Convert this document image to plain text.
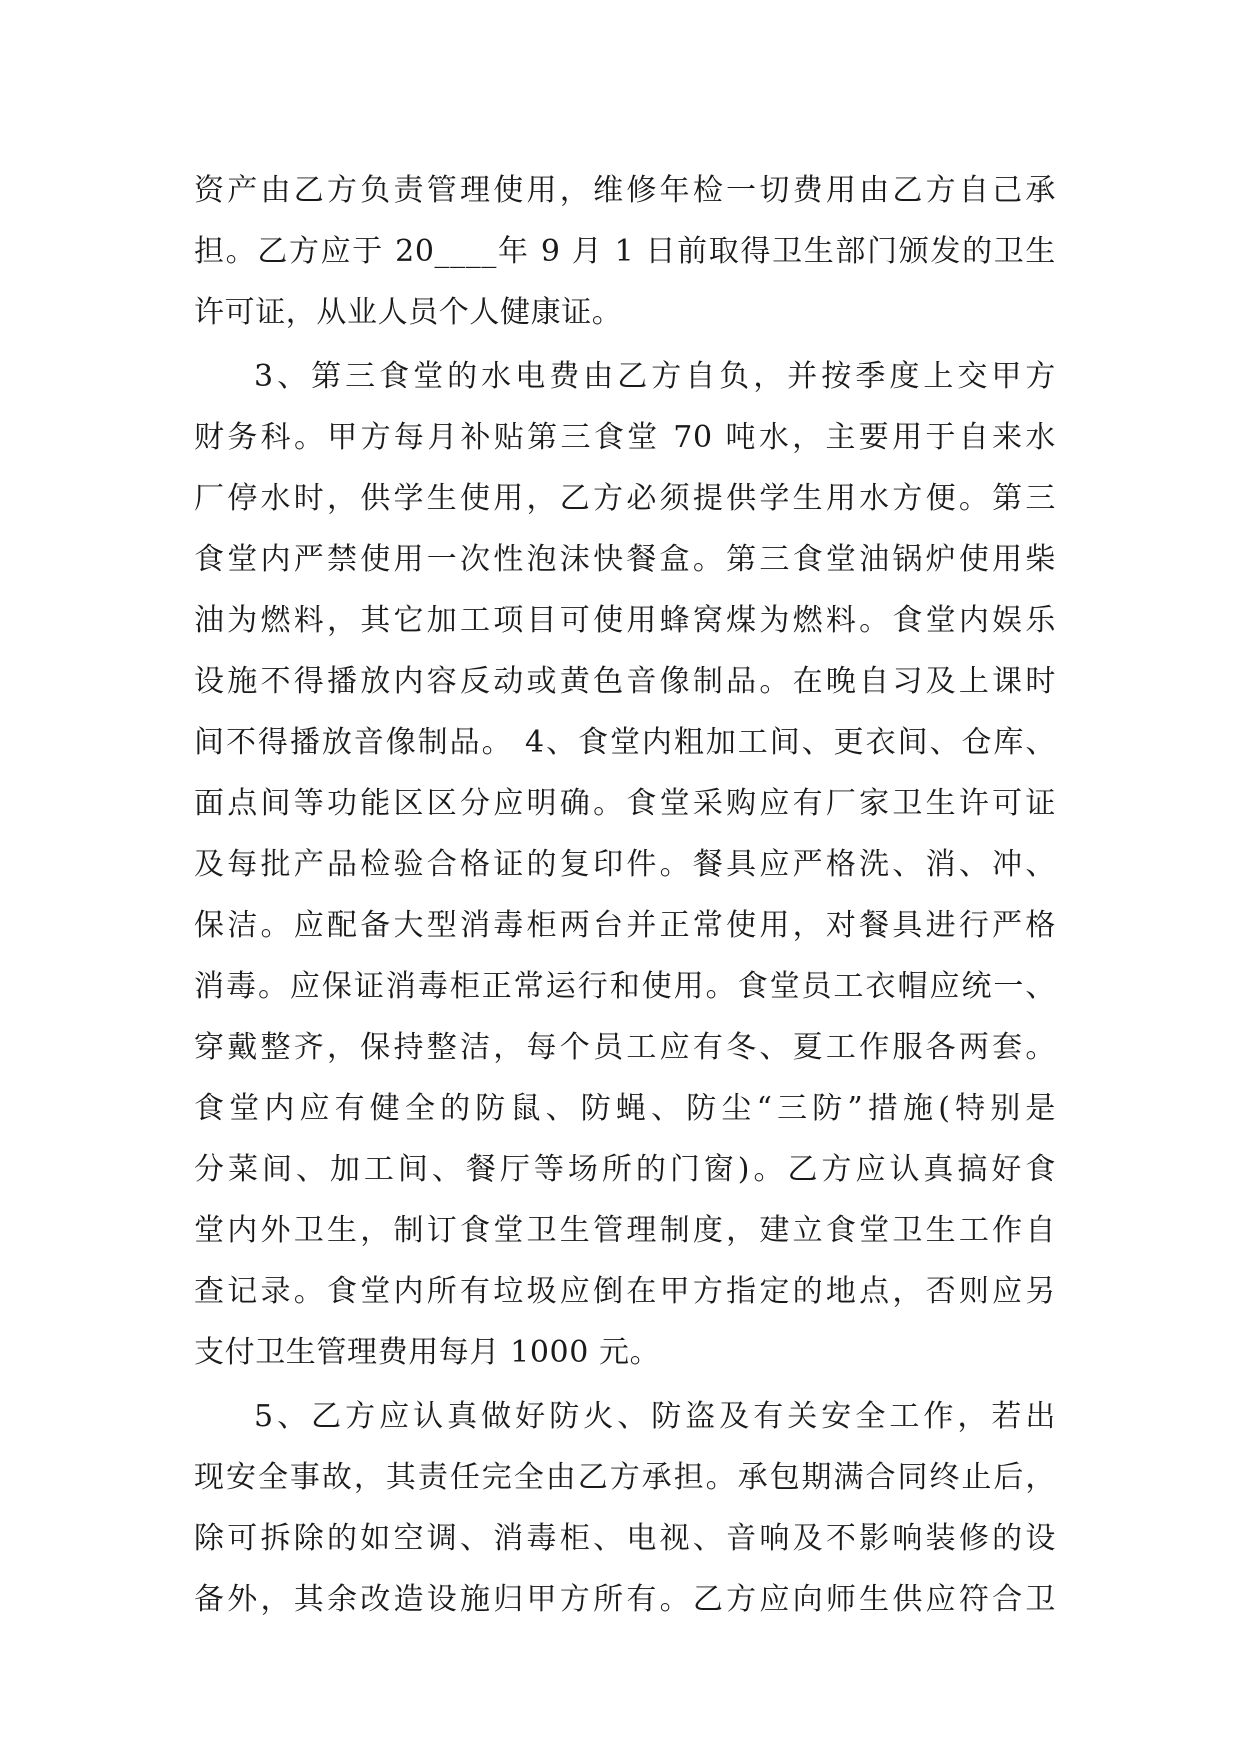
资产由乙方负责管理使用，维修年检一切费用由乙方自己承
担。乙方应于 20____年 9 月 1 日前取得卫生部门颁发的卫生
许可证，从业人员个人健康证。
3、第三食堂的水电费由乙方自负，并按季度上交甲方
财务科。甲方每月补贴第三食堂 70 吨水，主要用于自来水
厂停水时，供学生使用，乙方必须提供学生用水方便。第三
食堂内严禁使用一次性泡沫快餐盒。第三食堂油锅炉使用柴
油为燃料，其它加工项目可使用蜂窝煤为燃料。食堂内娱乐
设施不得播放内容反动或黄色音像制品。在晚自习及上课时
间不得播放音像制品。 4、食堂内粗加工间、更衣间、仓库、
面点间等功能区区分应明确。食堂采购应有厂家卫生许可证
及每批产品检验合格证的复印件。餐具应严格洗、消、冲、
保洁。应配备大型消毒柜两台并正常使用，对餐具进行严格
消毒。应保证消毒柜正常运行和使用。食堂员工衣帽应统一、
穿戴整齐，保持整洁，每个员工应有冬、夏工作服各两套。
食堂内应有健全的防鼠、防蝇、防尘“三防”措施(特别是
分菜间、加工间、餐厅等场所的门窗)。乙方应认真搞好食
堂内外卫生，制订食堂卫生管理制度，建立食堂卫生工作自
查记录。食堂内所有垃圾应倒在甲方指定的地点，否则应另
支付卫生管理费用每月 1000 元。
5、乙方应认真做好防火、防盗及有关安全工作，若出
现安全事故，其责任完全由乙方承担。承包期满合同终止后，
除可拆除的如空调、消毒柜、电视、音响及不影响装修的设
备外，其余改造设施归甲方所有。乙方应向师生供应符合卫
